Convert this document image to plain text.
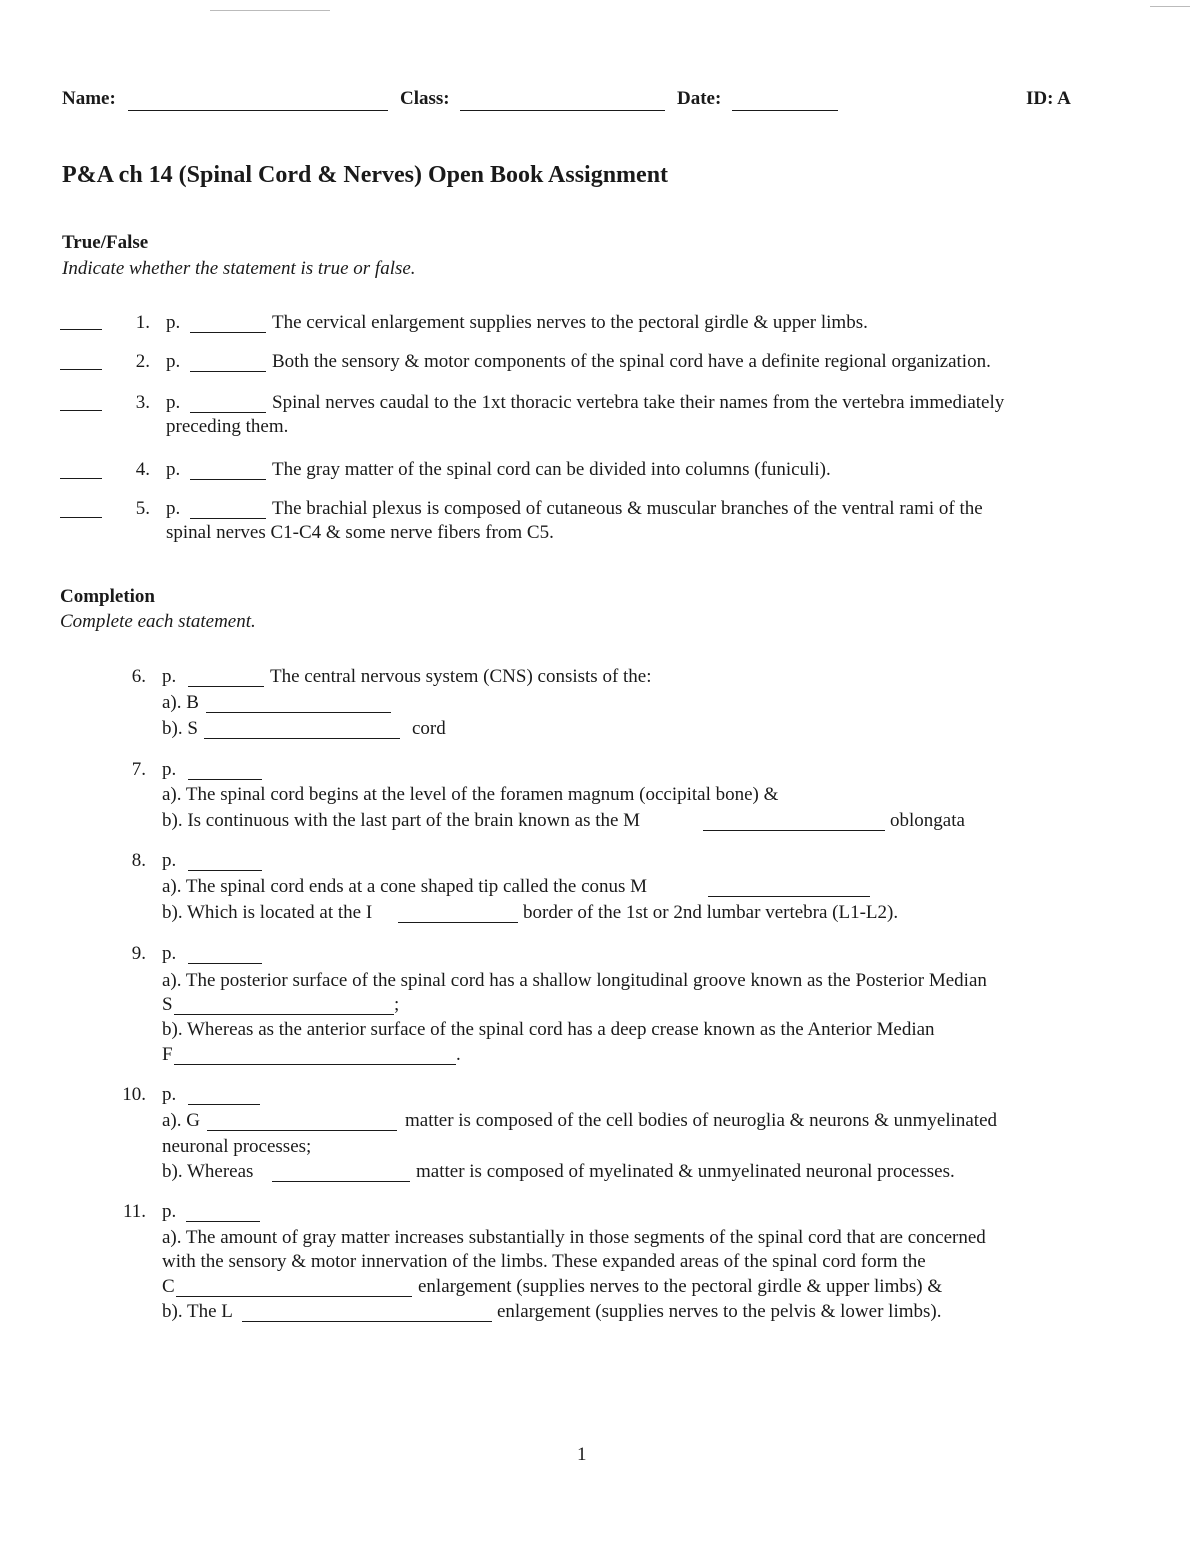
Name:	Class:	Date:	ID: A
P&A ch 14 (Spinal Cord & Nerves) Open Book Assignment
True/False
Indicate whether the statement is true or false.
1. p.	The cervical enlargement supplies nerves to the pectoral girdle & upper limbs.
2. p.	Both the sensory & motor components of the spinal cord have a definite regional organization.
3. p.	Spinal nerves caudal to the 1xt thoracic vertebra take their names from the vertebra immediately
preceding them.
4. p.	The gray matter of the spinal cord can be divided into columns (funiculi).
5. p.	The brachial plexus is composed of cutaneous & muscular branches of the ventral rami of the
spinal nerves C1-C4 & some nerve fibers from C5.
Completion
Complete each statement.
6. p.	The central nervous system (CNS) consists of the:
a). B
b). S	cord
7. p.
a). The spinal cord begins at the level of the foramen magnum (occipital bone) &
b). Is continuous with the last part of the brain known as the M	oblongata
8. p.
a). The spinal cord ends at a cone shaped tip called the conus M
b). Which is located at the I	border of the 1st or 2nd lumbar vertebra (L1-L2).
9. p.
a). The posterior surface of the spinal cord has a shallow longitudinal groove known as the Posterior Median
S	;
b). Whereas as the anterior surface of the spinal cord has a deep crease known as the Anterior Median
F	.
10. p.
a). G	matter is composed of the cell bodies of neuroglia & neurons & unmyelinated
neuronal processes;
b). Whereas	matter is composed of myelinated & unmyelinated neuronal processes.
11. p.
a). The amount of gray matter increases substantially in those segments of the spinal cord that are concerned
with the sensory & motor innervation of the limbs. These expanded areas of the spinal cord form the
C	enlargement (supplies nerves to the pectoral girdle & upper limbs) &
b). The L	enlargement (supplies nerves to the pelvis & lower limbs).
1
